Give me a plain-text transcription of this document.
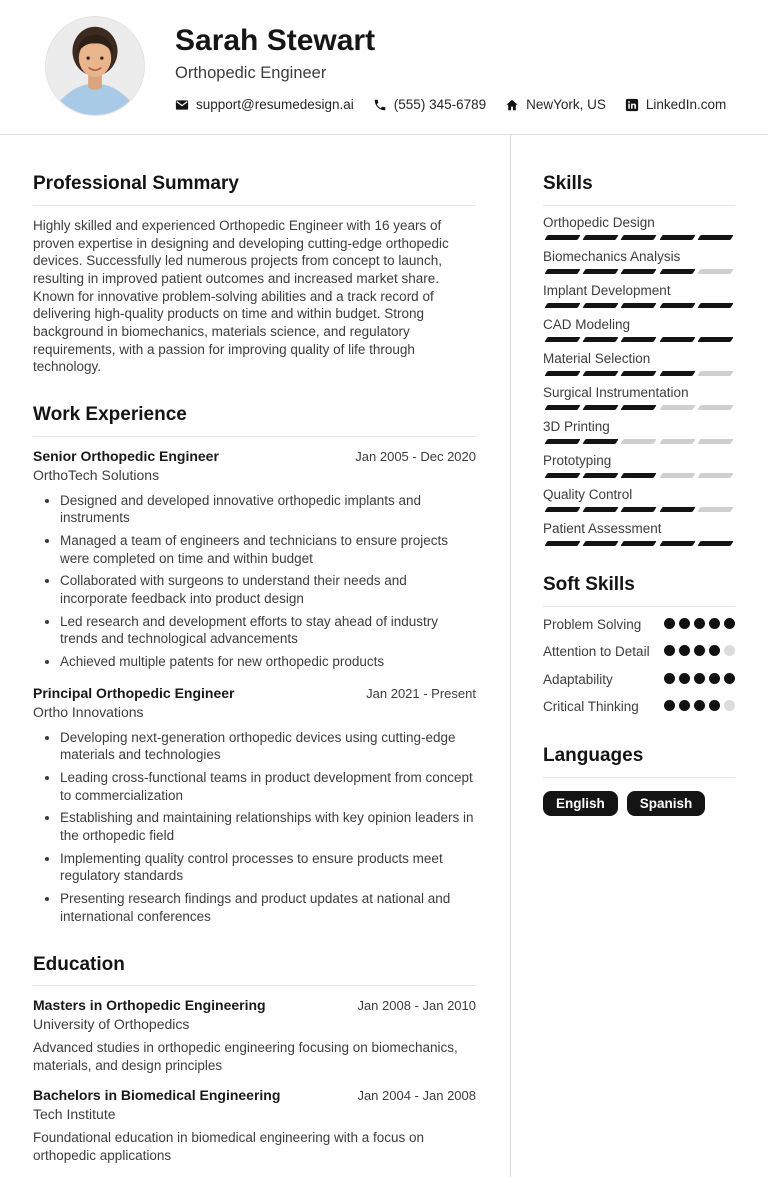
Sarah Stewart
Orthopedic Engineer
support@resumedesign.ai	(555) 345-6789	NewYork, US	LinkedIn.com
Professional Summary

Highly skilled and experienced Orthopedic Engineer with 16 years of proven expertise in designing and developing cutting-edge orthopedic devices. Successfully led numerous projects from concept to launch, resulting in improved patient outcomes and increased market share. Known for innovative problem-solving abilities and a track record of delivering high-quality products on time and within budget. Strong background in biomechanics, materials science, and regulatory requirements, with a passion for improving quality of life through technology.

Work Experience
Senior Orthopedic Engineer	Jan 2005 - Dec 2020
OrthoTech Solutions
• Designed and developed innovative orthopedic implants and instruments
• Managed a team of engineers and technicians to ensure projects were completed on time and within budget
• Collaborated with surgeons to understand their needs and incorporate feedback into product design
• Led research and development efforts to stay ahead of industry trends and technological advancements
• Achieved multiple patents for new orthopedic products
Principal Orthopedic Engineer	Jan 2021 - Present
Ortho Innovations
• Developing next-generation orthopedic devices using cutting-edge materials and technologies
• Leading cross-functional teams in product development from concept to commercialization
• Establishing and maintaining relationships with key opinion leaders in the orthopedic field
• Implementing quality control processes to ensure products meet regulatory standards
• Presenting research findings and product updates at national and international conferences
Education
Masters in Orthopedic Engineering	Jan 2008 - Jan 2010
University of Orthopedics
Advanced studies in orthopedic engineering focusing on biomechanics, materials, and design principles
Bachelors in Biomedical Engineering	Jan 2004 - Jan 2008
Tech Institute
Foundational education in biomedical engineering with a focus on orthopedic applications
Skills
Orthopedic Design
Biomechanics Analysis
Implant Development
CAD Modeling
Material Selection
Surgical Instrumentation
3D Printing
Prototyping
Quality Control
Patient Assessment
Soft Skills
Problem Solving
Attention to Detail
Adaptability
Critical Thinking
Languages
English	Spanish
